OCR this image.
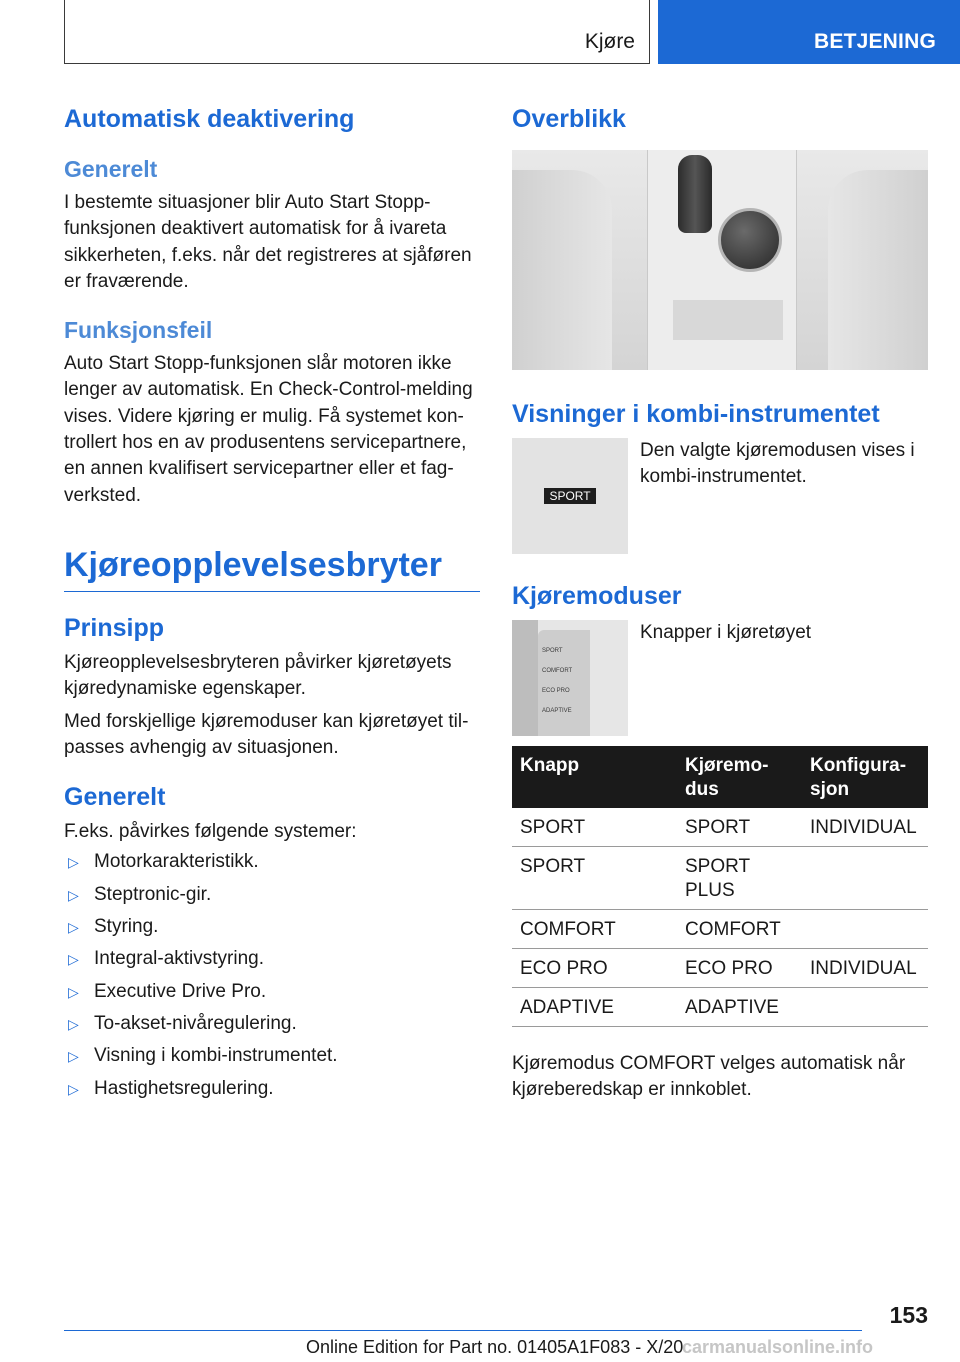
Kjøre	BETJENING
Automatisk deaktivering
Generelt

I bestemte situasjoner blir Auto Start Stopp-funksjonen deaktivert automatisk for å ivareta sikkerheten, f.eks. når det registreres at sjåføren er fraværende.

Funksjonsfeil

Auto Start Stopp-funksjonen slår motoren ikke lenger av automatisk. En Check-Control-melding vises. Videre kjøring er mulig. Få systemet kontrollert hos en av produsentens servicepartnere, en annen kvalifisert servicepartner eller et fagverksted.

Kjøreopplevelsesbryter
Prinsipp

Kjøreopplevelsesbryteren påvirker kjøretøyets kjøredynamiske egenskaper.

Med forskjellige kjøremoduser kan kjøretøyet tilpasses avhengig av situasjonen.

Generelt

F.eks. påvirkes følgende systemer:

▷ Motorkarakteristikk.
▷ Steptronic-gir.
▷ Styring.
▷ Integral-aktivstyring.
▷ Executive Drive Pro.
▷ To-akset-nivåregulering.
▷ Visning i kombi-instrumentet.
▷ Hastighetsregulering.
Overblikk
Visninger i kombi-instrumentet
SPORT

Den valgte kjøremodusen vises i kombi-instrumentet.

Kjøremoduser
SPORT
COMFORT
ECO PRO
ADAPTIVE

Knapper i kjøretøyet

Knapp	Kjøremodus	Konfigurasjon
SPORT	SPORT	INDIVIDUAL
SPORT	SPORT PLUS	
COMFORT	COMFORT	
ECO PRO	ECO PRO	INDIVIDUAL
ADAPTIVE	ADAPTIVE	

Kjøremodus COMFORT velges automatisk når kjøreberedskap er innkoblet.

153
Online Edition for Part no. 01405A1F083 - X/20
carmanualsonline.info
